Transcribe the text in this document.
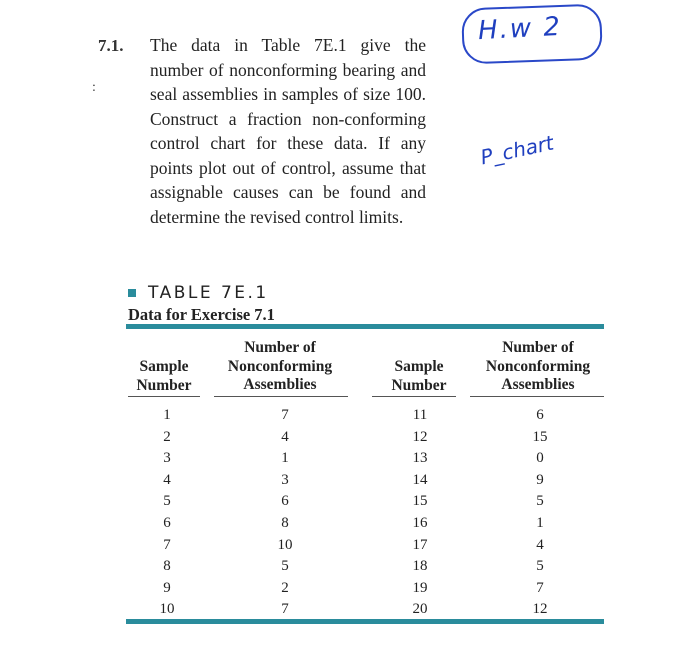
7.1.
:

The data in Table 7E.1 give the number of nonconforming bearing and seal assemblies in samples of size 100. Construct a fraction non-conforming control chart for these data. If any points plot out of control, assume that assignable causes can be found and determine the revised control limits.

H.w 2
P_chart
TABLE 7E.1
Data for Exercise 7.1
Sample
Number
Number of
Nonconforming
Assemblies
Sample
Number
Number of
Nonconforming
Assemblies
1
2
3
4
5
6
7
8
9
10
7
4
1
3
6
8
10
5
2
7
11
12
13
14
15
16
17
18
19
20
6
15
0
9
5
1
4
5
7
12
